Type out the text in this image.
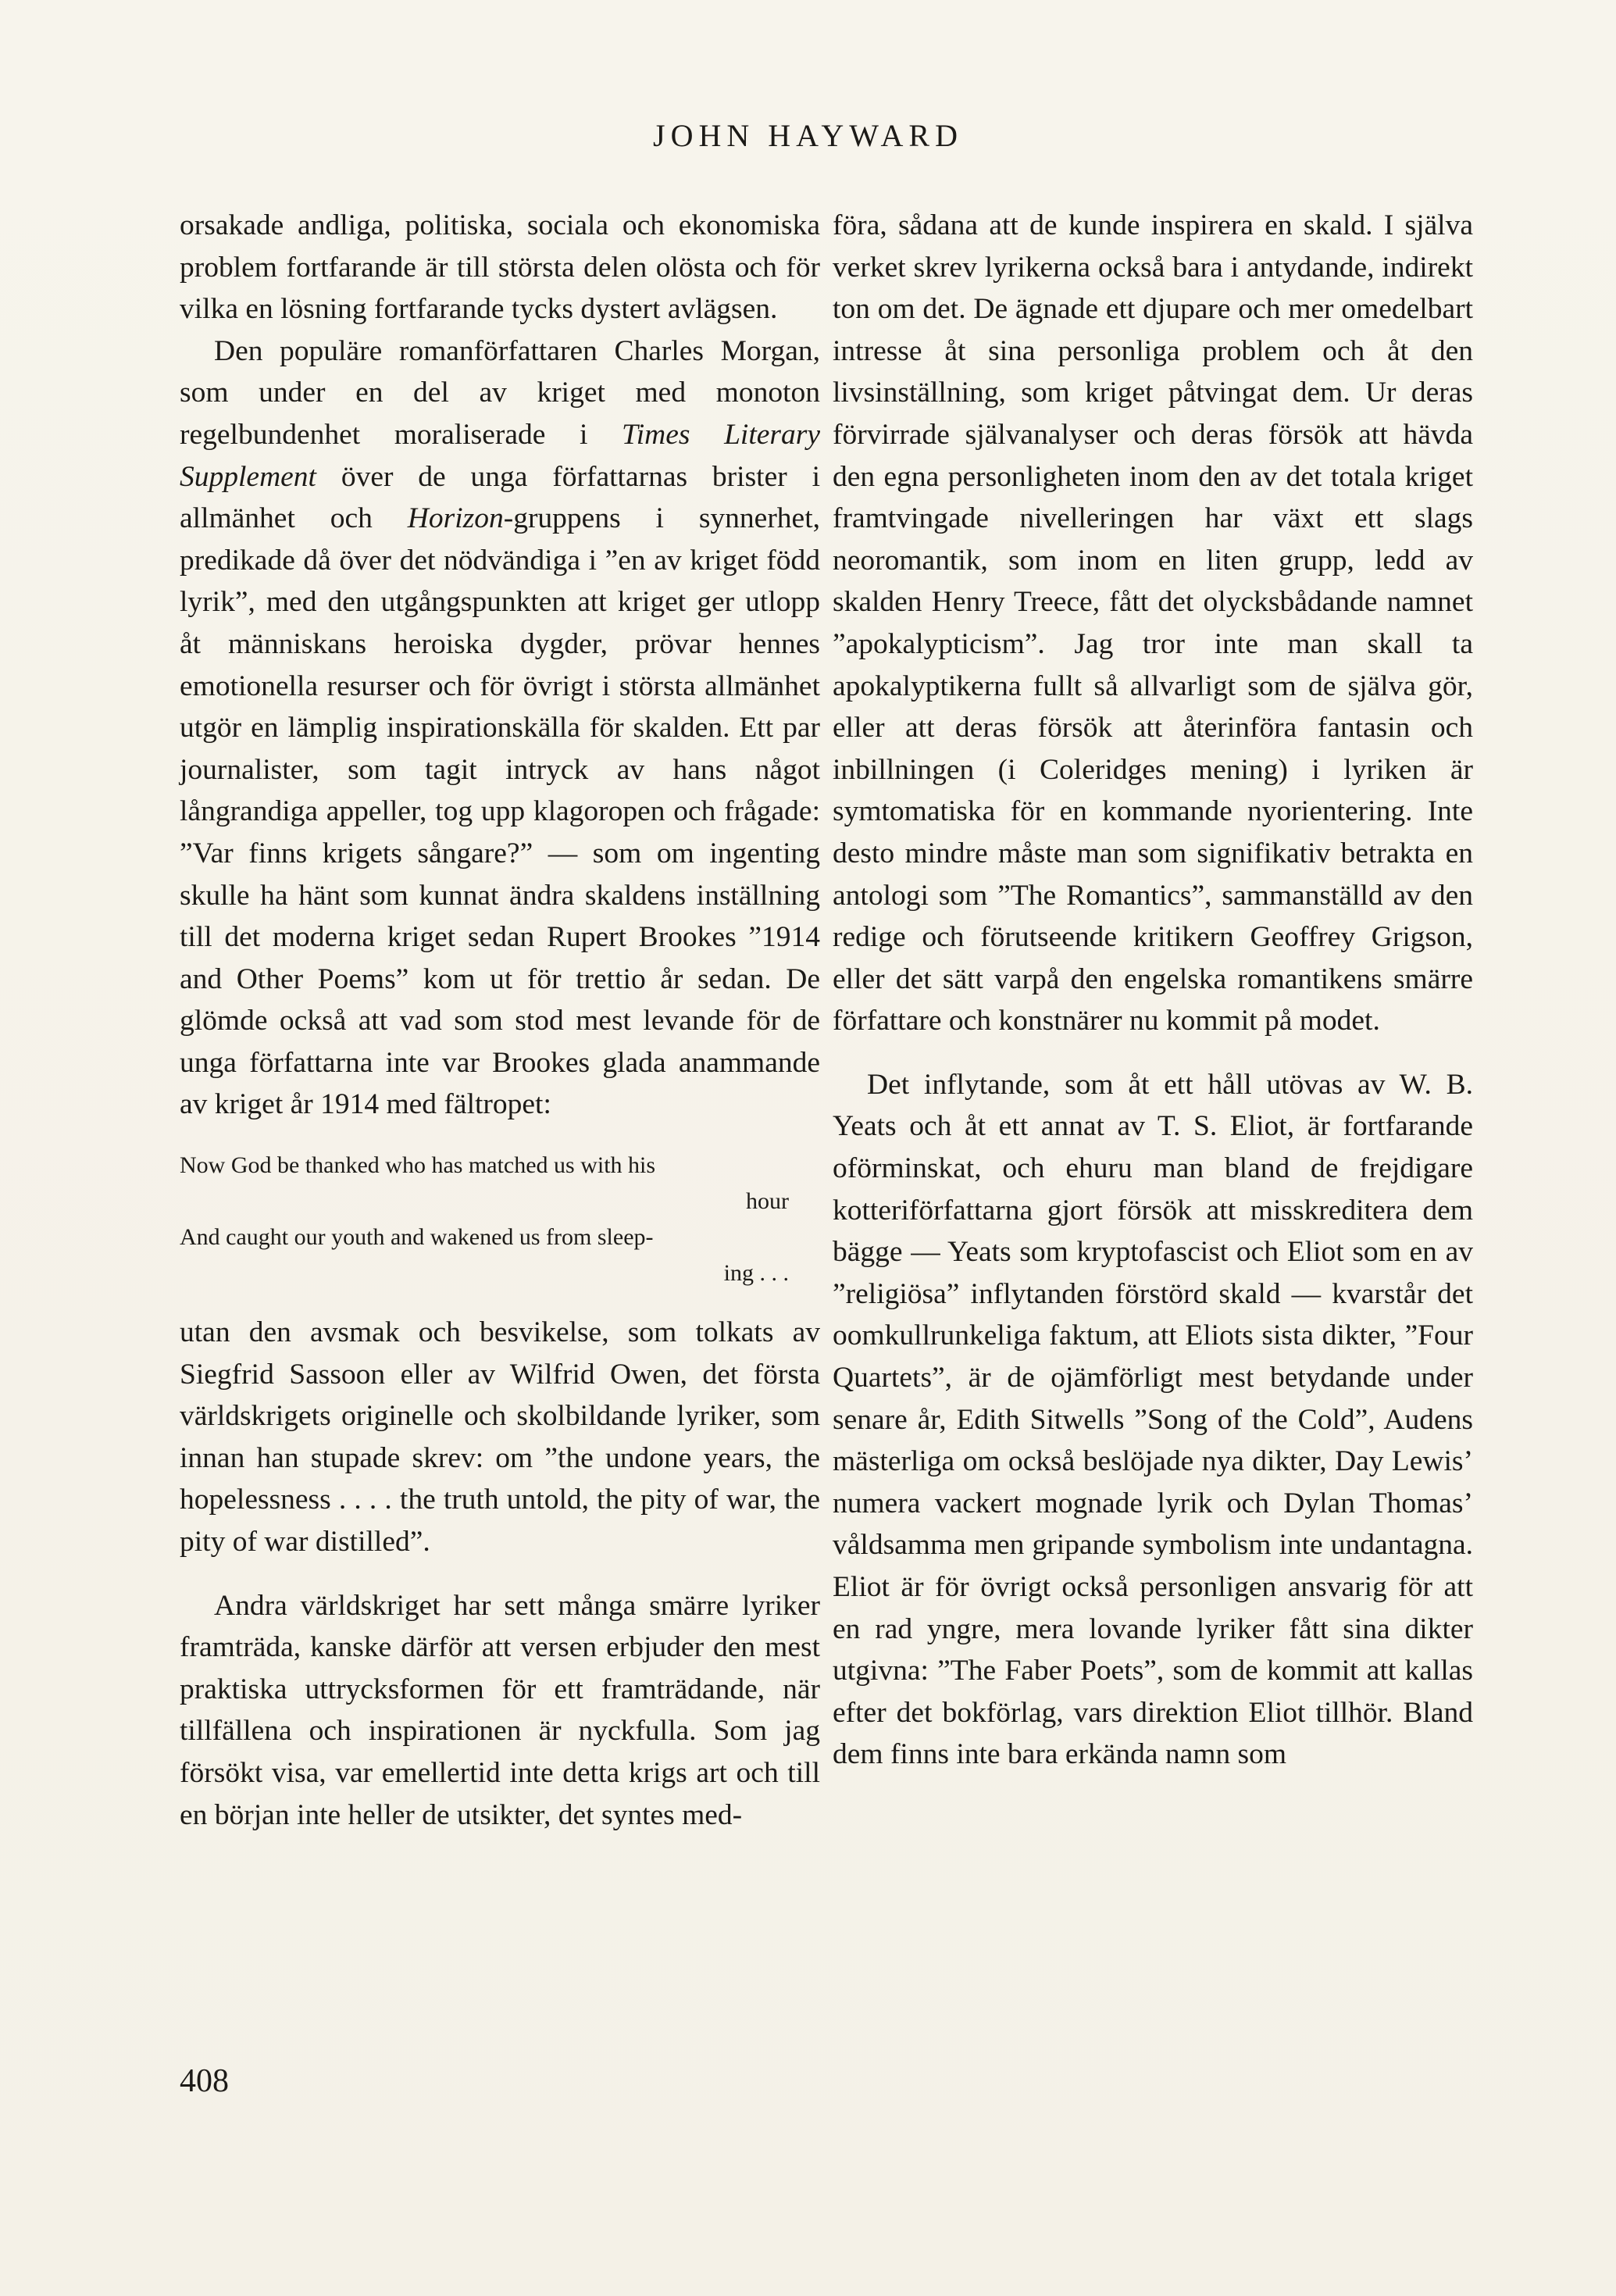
JOHN HAYWARD

orsakade andliga, politiska, sociala och ekonomiska problem fortfarande är till största delen olösta och för vilka en lösning fortfarande tycks dystert avlägsen.

Den populäre romanförfattaren Charles Morgan, som under en del av kriget med monoton regelbundenhet moraliserade i Times Literary Supplement över de unga författarnas brister i allmänhet och Horizon-gruppens i synnerhet, predikade då över det nödvändiga i ”en av kriget född lyrik”, med den utgångspunkten att kriget ger utlopp åt människans heroiska dygder, prövar hennes emotionella resurser och för övrigt i största allmänhet utgör en lämplig inspirationskälla för skalden. Ett par journalister, som tagit intryck av hans något långrandiga appeller, tog upp klagoropen och frågade: ”Var finns krigets sångare?” — som om ingenting skulle ha hänt som kunnat ändra skaldens inställning till det moderna kriget sedan Rupert Brookes ”1914 and Other Poems” kom ut för trettio år sedan. De glömde också att vad som stod mest levande för de unga författarna inte var Brookes glada anammande av kriget år 1914 med fältropet:

Now God be thanked who has matched us with his
hour
And caught our youth and wakened us from sleep-
ing . . .

utan den avsmak och besvikelse, som tolkats av Siegfrid Sassoon eller av Wilfrid Owen, det första världskrigets originelle och skolbildande lyriker, som innan han stupade skrev: om ”the undone years, the hopelessness . . . . the truth untold, the pity of war, the pity of war distilled”.

Andra världskriget har sett många smärre lyriker framträda, kanske därför att versen erbjuder den mest praktiska uttrycksformen för ett framträdande, när tillfällena och inspirationen är nyckfulla. Som jag försökt visa, var emellertid inte detta krigs art och till en början inte heller de utsikter, det syntes med-

föra, sådana att de kunde inspirera en skald. I själva verket skrev lyrikerna också bara i antydande, indirekt ton om det. De ägnade ett djupare och mer omedelbart intresse åt sina personliga problem och åt den livsinställning, som kriget påtvingat dem. Ur deras förvirrade självanalyser och deras försök att hävda den egna personligheten inom den av det totala kriget framtvingade nivelleringen har växt ett slags neoromantik, som inom en liten grupp, ledd av skalden Henry Treece, fått det olycksbådande namnet ”apokalypticism”. Jag tror inte man skall ta apokalyptikerna fullt så allvarligt som de själva gör, eller att deras försök att återinföra fantasin och inbillningen (i Coleridges mening) i lyriken är symtomatiska för en kommande nyorientering. Inte desto mindre måste man som signifikativ betrakta en antologi som ”The Romantics”, sammanställd av den redige och förutseende kritikern Geoffrey Grigson, eller det sätt varpå den engelska romantikens smärre författare och konstnärer nu kommit på modet.

Det inflytande, som åt ett håll utövas av W. B. Yeats och åt ett annat av T. S. Eliot, är fortfarande oförminskat, och ehuru man bland de frejdigare kotteriförfattarna gjort försök att misskreditera dem bägge — Yeats som kryptofascist och Eliot som en av ”religiösa” inflytanden förstörd skald — kvarstår det oomkullrunkeliga faktum, att Eliots sista dikter, ”Four Quartets”, är de ojämförligt mest betydande under senare år, Edith Sitwells ”Song of the Cold”, Audens mästerliga om också beslöjade nya dikter, Day Lewis’ numera vackert mognade lyrik och Dylan Thomas’ våldsamma men gripande symbolism inte undantagna. Eliot är för övrigt också personligen ansvarig för att en rad yngre, mera lovande lyriker fått sina dikter utgivna: ”The Faber Poets”, som de kommit att kallas efter det bokförlag, vars direktion Eliot tillhör. Bland dem finns inte bara erkända namn som

408
